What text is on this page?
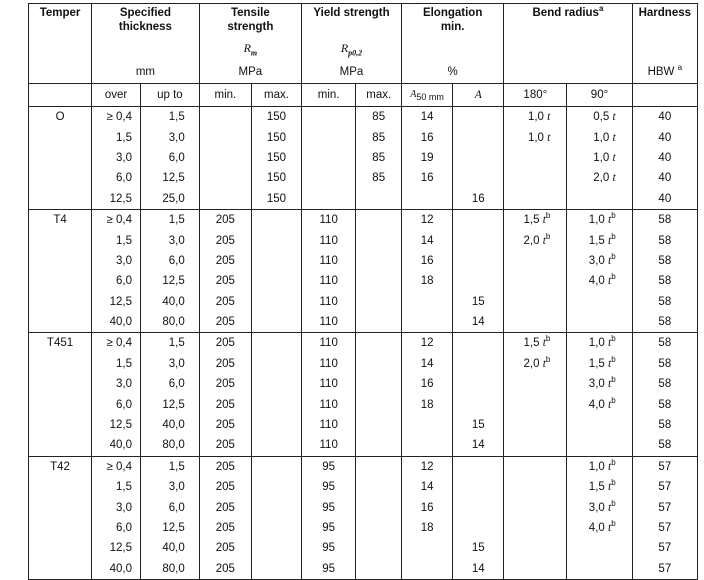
Temper	Specified thickness		Tensile strength		Yield strength		Elongation min.		Bend radius$^a$		Hardness
			$R_m$		$R_{p0,2}$			
	mm		MPa		MPa		%				HBW $^a$
	over	up to	min.	max.	min.	max.	A50 mm	A	180°	90°	
O	≥ 0,4	1,5		150		85	14		1,0 t	0,5 t	40
	1,5	3,0		150		85	16		1,0 t	1,0 t	40
	3,0	6,0		150		85	19			1,0 t	40
	6,0	12,5		150		85	16			2,0 t	40
	12,5	25,0		150				16			40
T4	≥ 0,4	1,5	205		110		12		1,5 $t^b$	1,0 $t^b$	58
	1,5	3,0	205		110		14		2,0 $t^b$	1,5 $t^b$	58
	3,0	6,0	205		110		16			3,0 $t^b$	58
	6,0	12,5	205		110		18			4,0 $t^b$	58
	12,5	40,0	205		110			15			58
	40,0	80,0	205		110			14			58
T451	≥ 0,4	1,5	205		110		12		1,5 $t^b$	1,0 $t^b$	58
	1,5	3,0	205		110		14		2,0 $t^b$	1,5 $t^b$	58
	3,0	6,0	205		110		16			3,0 $t^b$	58
	6,0	12,5	205		110		18			4,0 $t^b$	58
	12,5	40,0	205		110			15			58
	40,0	80,0	205		110			14			58
T42	≥ 0,4	1,5	205		95		12			1,0 $t^b$	57
	1,5	3,0	205		95		14			1,5 $t^b$	57
	3,0	6,0	205		95		16			3,0 $t^b$	57
	6,0	12,5	205		95		18			4,0 $t^b$	57
	12,5	40,0	205		95			15			57
	40,0	80,0	205		95			14			57
